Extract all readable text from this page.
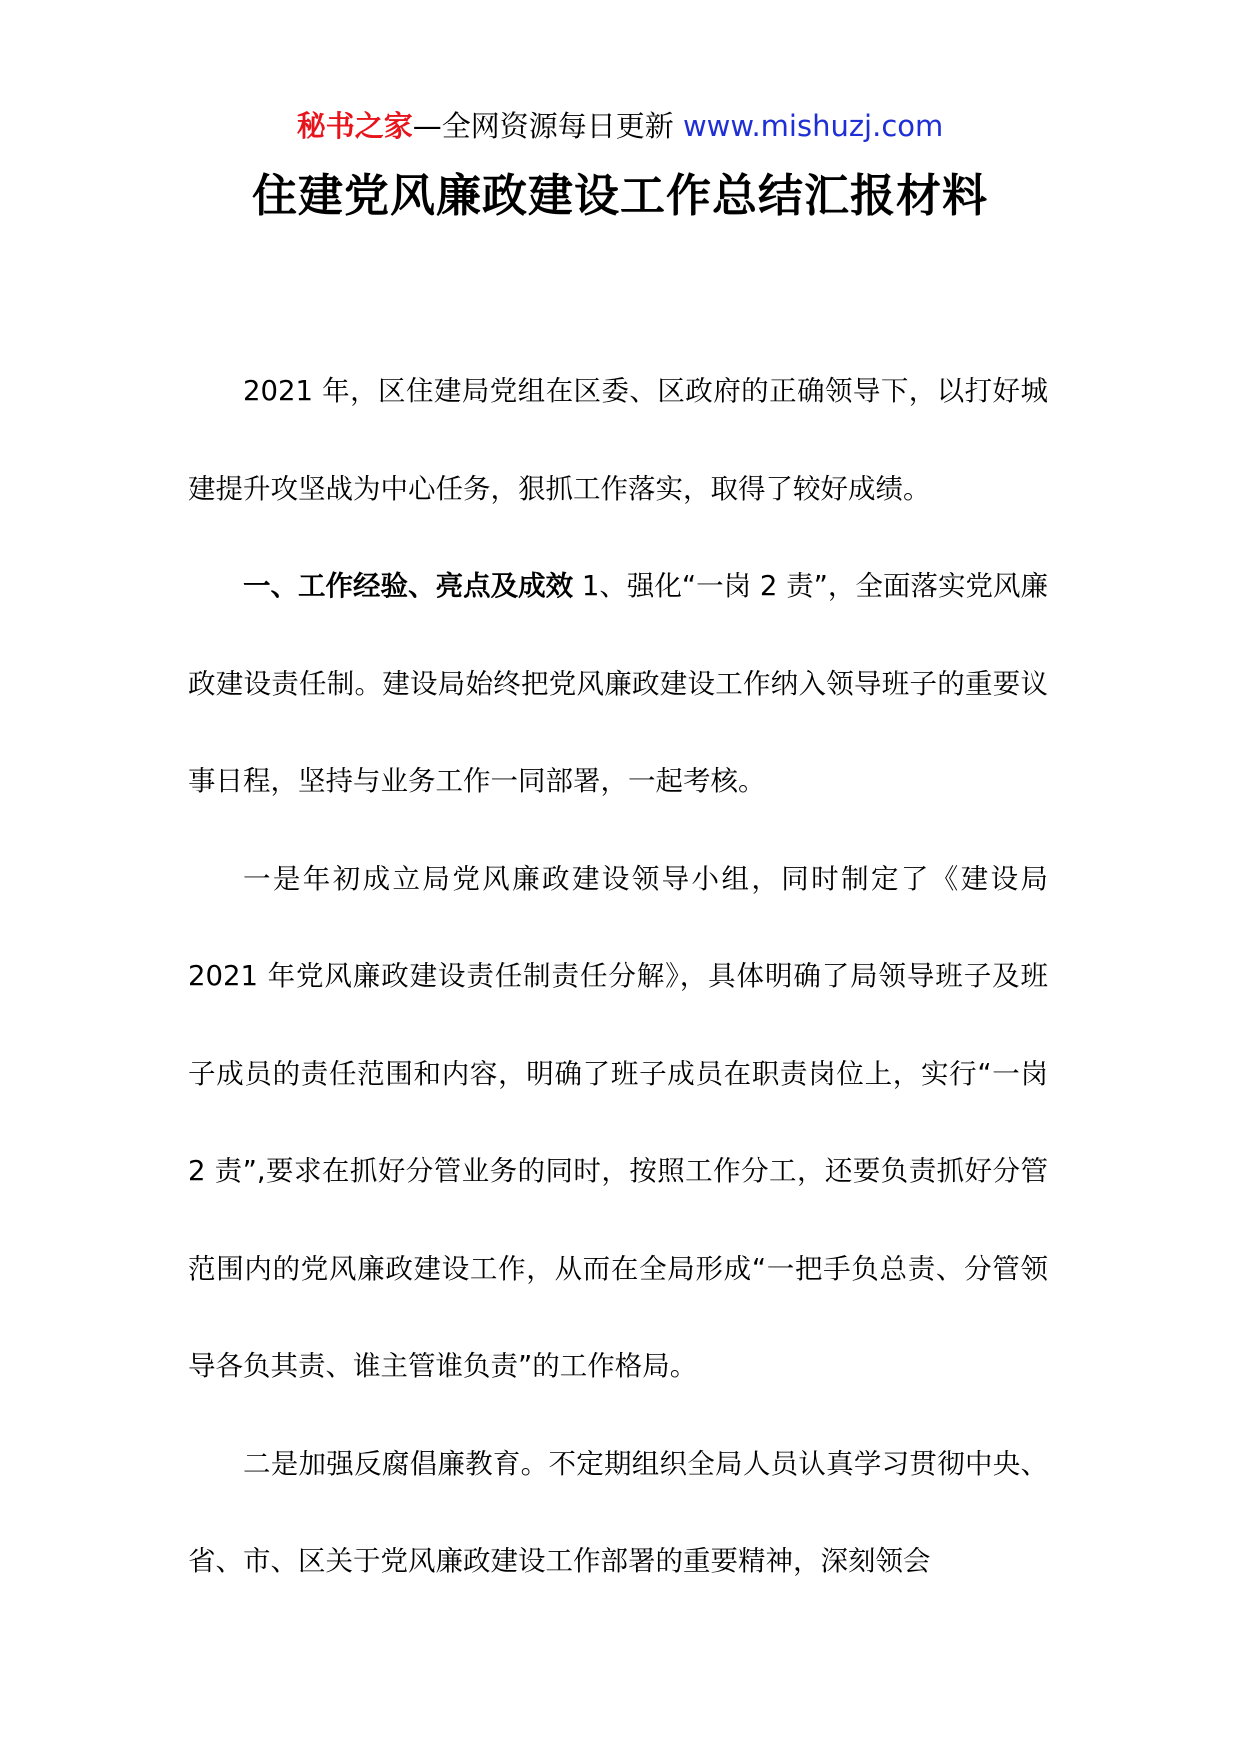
秘书之家—全网资源每日更新 www.mishuzj.com
住建党风廉政建设工作总结汇报材料

2021 年，区住建局党组在区委、区政府的正确领导下，以打好城建提升攻坚战为中心任务，狠抓工作落实，取得了较好成绩。

一、工作经验、亮点及成效 1、强化“一岗 2 责”，全面落实党风廉政建设责任制。建设局始终把党风廉政建设工作纳入领导班子的重要议事日程，坚持与业务工作一同部署，一起考核。

一是年初成立局党风廉政建设领导小组，同时制定了《建设局 2021 年党风廉政建设责任制责任分解》，具体明确了局领导班子及班子成员的责任范围和内容，明确了班子成员在职责岗位上，实行“一岗 2 责”,要求在抓好分管业务的同时，按照工作分工，还要负责抓好分管范围内的党风廉政建设工作，从而在全局形成“一把手负总责、分管领导各负其责、谁主管谁负责”的工作格局。

二是加强反腐倡廉教育。不定期组织全局人员认真学习贯彻中央、省、市、区关于党风廉政建设工作部署的重要精神，深刻领会
